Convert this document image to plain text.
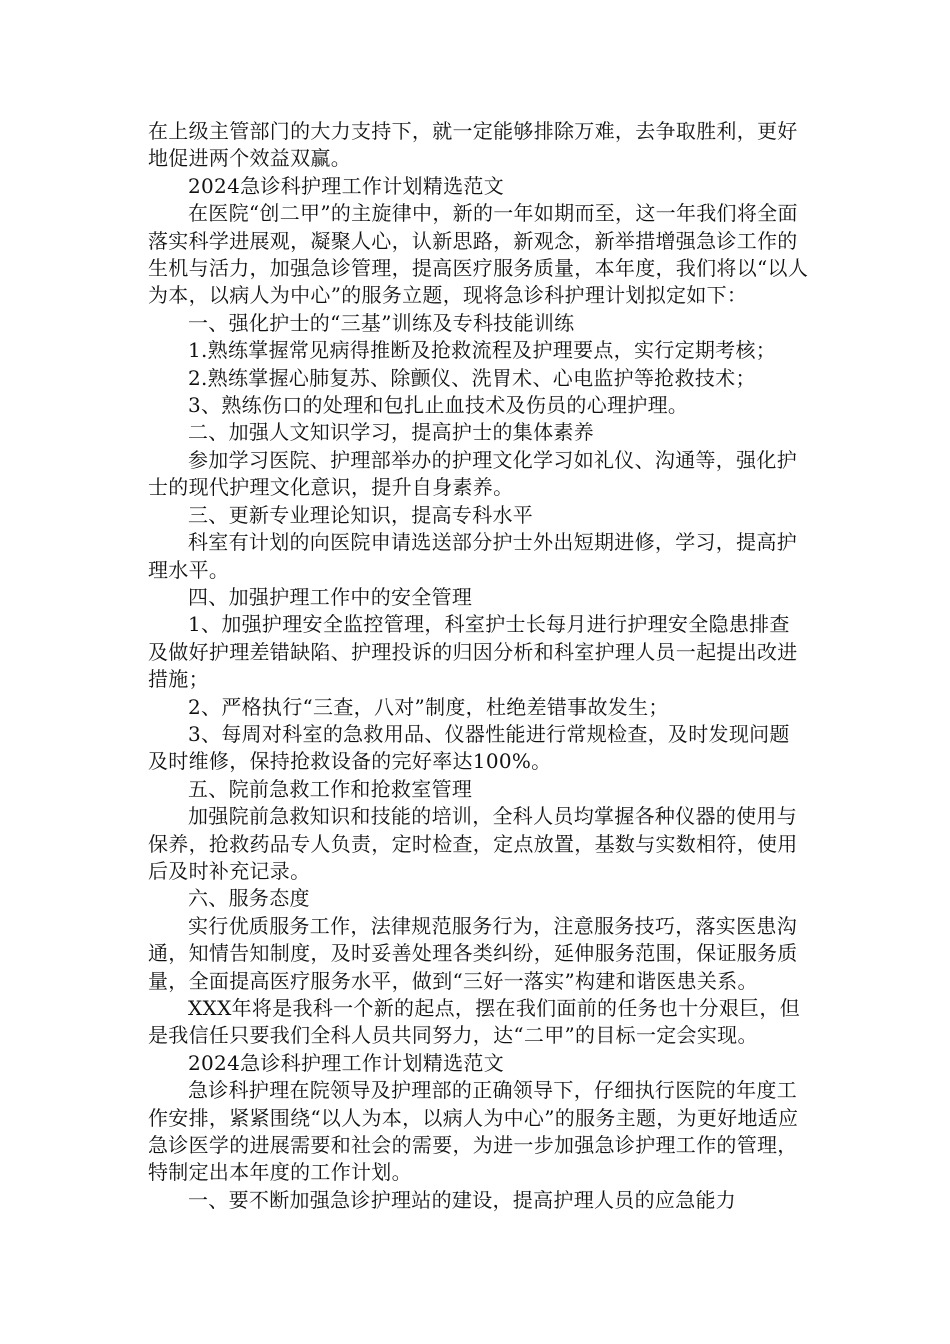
在上级主管部门的大力支持下，就一定能够排除万难，去争取胜利，更好地促进两个效益双赢。

2024急诊科护理工作计划精选范文

在医院“创二甲”的主旋律中，新的一年如期而至，这一年我们将全面落实科学进展观，凝聚人心，认新思路，新观念，新举措增强急诊工作的生机与活力，加强急诊管理，提高医疗服务质量，本年度，我们将以“以人为本，以病人为中心”的服务立题，现将急诊科护理计划拟定如下：

一、强化护士的“三基”训练及专科技能训练

1.熟练掌握常见病得推断及抢救流程及护理要点，实行定期考核；

2.熟练掌握心肺复苏、除颤仪、洗胃术、心电监护等抢救技术；

3、熟练伤口的处理和包扎止血技术及伤员的心理护理。

二、加强人文知识学习，提高护士的集体素养

参加学习医院、护理部举办的护理文化学习如礼仪、沟通等，强化护士的现代护理文化意识，提升自身素养。

三、更新专业理论知识，提高专科水平

科室有计划的向医院申请选送部分护士外出短期进修，学习，提高护理水平。

四、加强护理工作中的安全管理

1、加强护理安全监控管理，科室护士长每月进行护理安全隐患排查及做好护理差错缺陷、护理投诉的归因分析和科室护理人员一起提出改进措施；

2、严格执行“三查，八对”制度，杜绝差错事故发生；

3、每周对科室的急救用品、仪器性能进行常规检查，及时发现问题及时维修，保持抢救设备的完好率达100%。

五、院前急救工作和抢救室管理

加强院前急救知识和技能的培训，全科人员均掌握各种仪器的使用与保养，抢救药品专人负责，定时检查，定点放置，基数与实数相符，使用后及时补充记录。

六、服务态度

实行优质服务工作，法律规范服务行为，注意服务技巧，落实医患沟通，知情告知制度，及时妥善处理各类纠纷，延伸服务范围，保证服务质量，全面提高医疗服务水平，做到“三好一落实”构建和谐医患关系。

XXX年将是我科一个新的起点，摆在我们面前的任务也十分艰巨，但是我信任只要我们全科人员共同努力，达“二甲”的目标一定会实现。

2024急诊科护理工作计划精选范文

急诊科护理在院领导及护理部的正确领导下，仔细执行医院的年度工作安排，紧紧围绕“以人为本，以病人为中心”的服务主题，为更好地适应急诊医学的进展需要和社会的需要，为进一步加强急诊护理工作的管理，特制定出本年度的工作计划。

一、要不断加强急诊护理站的建设，提高护理人员的应急能力
